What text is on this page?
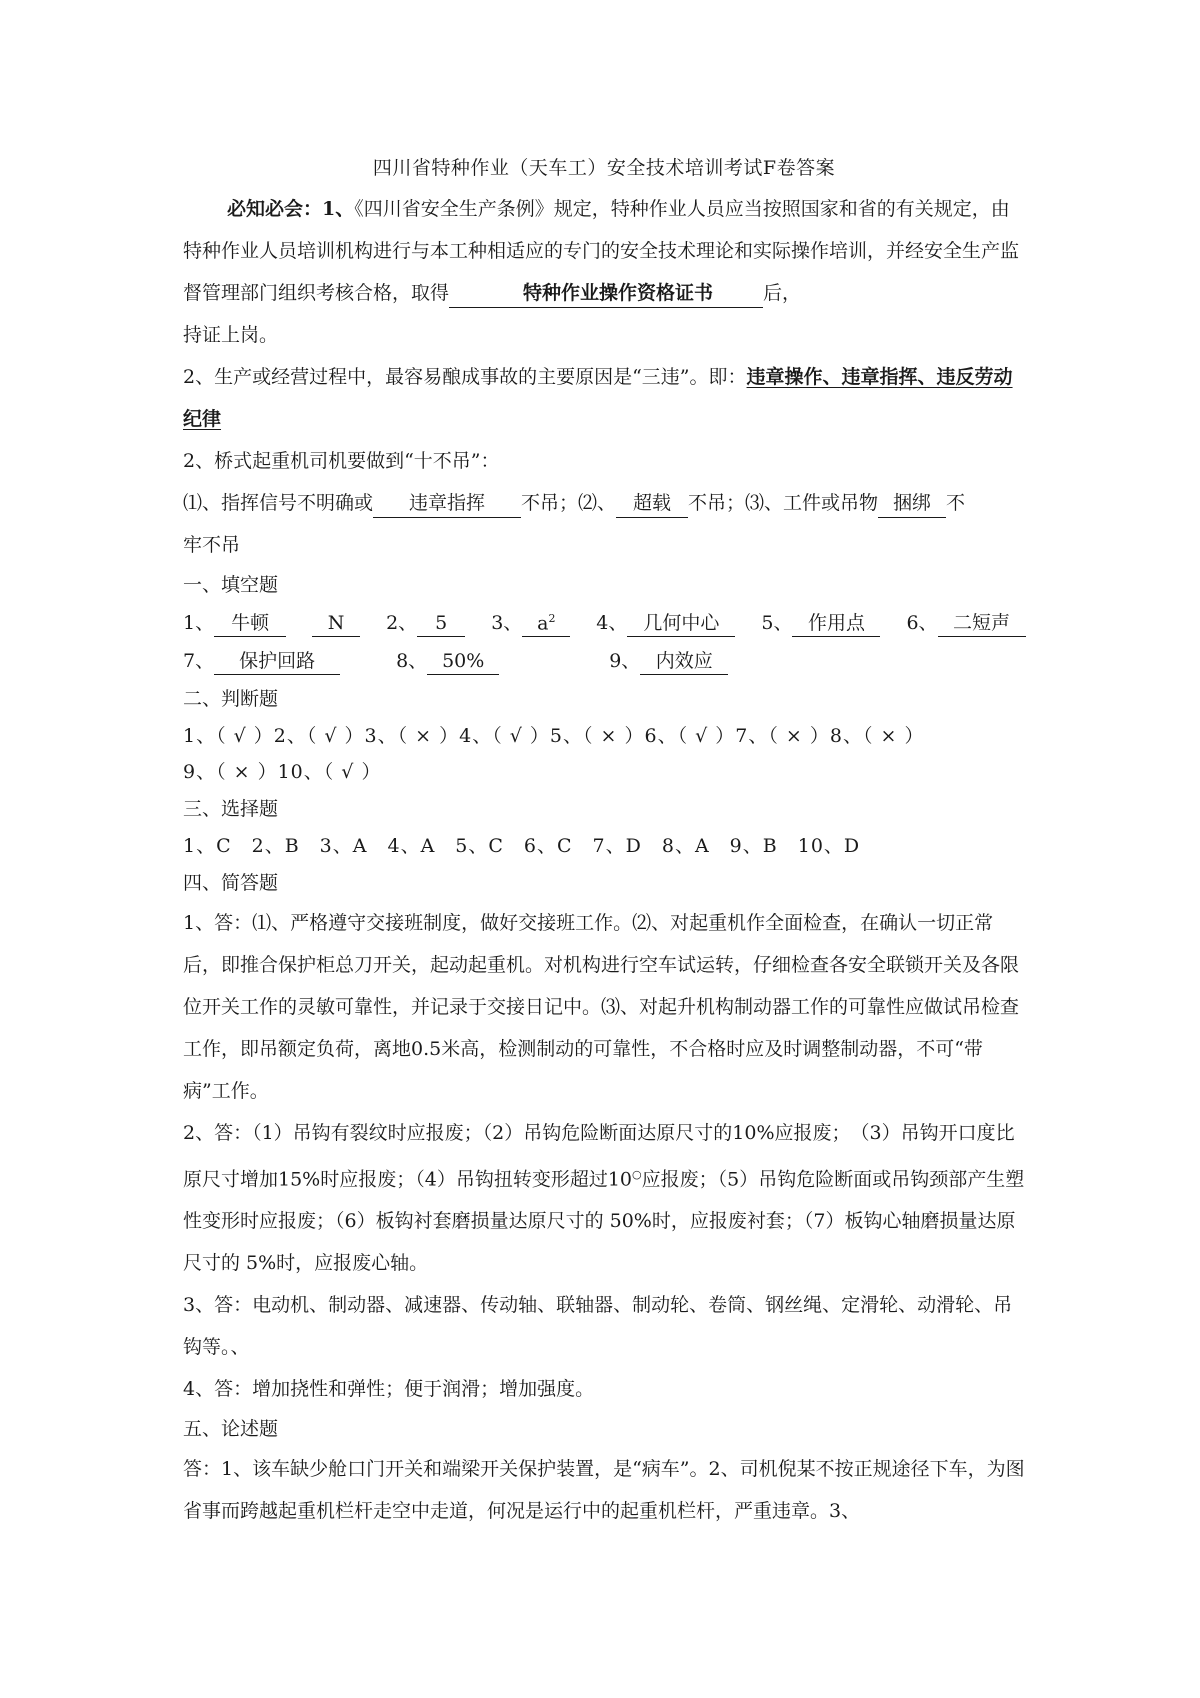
四川省特种作业（天车工）安全技术培训考试F卷答案

必知必会：1、《四川省安全生产条例》规定，特种作业人员应当按照国家和省的有关规定，由特种作业人员培训机构进行与本工种相适应的专门的安全技术理论和实际操作培训，并经安全生产监督管理部门组织考核合格，取得	特种作业操作资格证书	后，

持证上岗。

2、生产或经营过程中，最容易酿成事故的主要原因是“三违”。即：违章操作、违章指挥、违反劳动纪律

2、桥式起重机司机要做到“十不吊”：

⑴、指挥信号不明确或 违章指挥 不吊；⑵、 超载 不吊；⑶、工件或吊物 捆绑 不

牢不吊

一、填空题

1、 牛顿	N	2、 5	3、 $a^2$	4、 几何中心	5、 作用点	6、 二短声
7、	保护回路	8、 50%	9、 内效应

二、判断题

1、（ √ ）2、（ √ ）3、（ × ）4、（ √ ）5、（ × ）6、（ √ ）7、（ × ）8、（ × ）

9、（ × ）10、（ √ ）

三、选择题

1、C　2、B　3、A　4、A　5、C　6、C　7、D　8、A　9、B　10、D

四、简答题

1、答：⑴、严格遵守交接班制度，做好交接班工作。⑵、对起重机作全面检查，在确认一切正常后，即推合保护柜总刀开关，起动起重机。对机构进行空车试运转，仔细检查各安全联锁开关及各限位开关工作的灵敏可靠性，并记录于交接日记中。⑶、对起升机构制动器工作的可靠性应做试吊检查工作，即吊额定负荷，离地0.5米高，检测制动的可靠性，不合格时应及时调整制动器，不可“带病”工作。

2、答：（1）吊钩有裂纹时应报废；（2）吊钩危险断面达原尺寸的10%应报废；　（3）吊钩开口度比原尺寸增加15%时应报废；（4）吊钩扭转变形超过10○应报废；（5）吊钩危险断面或吊钩颈部产生塑性变形时应报废；（6）板钩衬套磨损量达原尺寸的 50%时，应报废衬套；（7）板钩心轴磨损量达原尺寸的 5%时，应报废心轴。

3、答：电动机、制动器、减速器、传动轴、联轴器、制动轮、卷筒、钢丝绳、定滑轮、动滑轮、吊钩等。、

4、答：增加挠性和弹性；便于润滑；增加强度。

五、论述题

答：1、该车缺少舱口门开关和端梁开关保护装置，是“病车”。2、司机倪某不按正规途径下车，为图省事而跨越起重机栏杆走空中走道，何况是运行中的起重机栏杆，严重违章。3、
